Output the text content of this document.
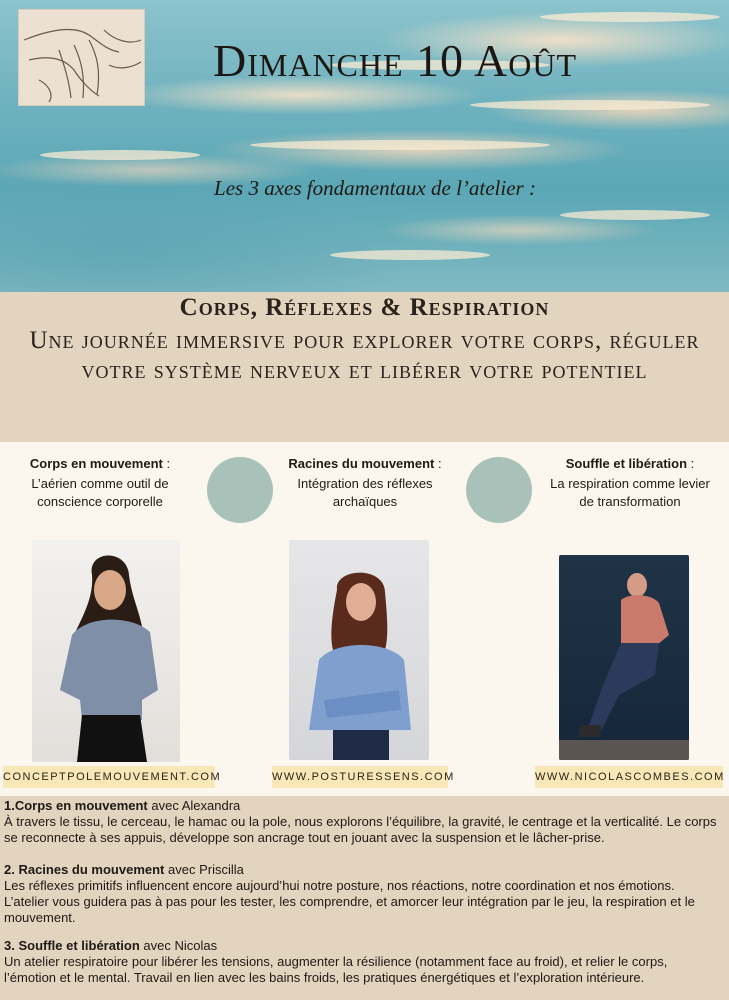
Dimanche 10 Août
Les 3 axes fondamentaux de l’atelier :
Corps, Réflexes & Respiration
Une journée immersive pour explorer votre corps, réguler votre système nerveux et libérer votre potentiel
Corps en mouvement :
L’aérien comme outil de conscience corporelle
Racines du mouvement :
Intégration des réflexes archaïques
Souffle et libération :
La respiration comme levier de transformation
CONCEPTPOLEMOUVEMENT.COM	WWW.POSTURESSENS.COM	WWW.NICOLASCOMBES.COM
1.Corps en mouvement avec Alexandra
À travers le tissu, le cerceau, le hamac ou la pole, nous explorons l’équilibre, la gravité, le centrage et la verticalité. Le corps se reconnecte à ses appuis, développe son ancrage tout en jouant avec la suspension et le lâcher-prise.
2. Racines du mouvement avec Priscilla
Les réflexes primitifs influencent encore aujourd’hui notre posture, nos réactions, notre coordination et nos émotions. L’atelier vous guidera pas à pas pour les tester, les comprendre, et amorcer leur intégration par le jeu, la respiration et le mouvement.
3. Souffle et libération avec Nicolas
Un atelier respiratoire pour libérer les tensions, augmenter la résilience (notamment face au froid), et relier le corps, l’émotion et le mental. Travail en lien avec les bains froids, les pratiques énergétiques et l’exploration intérieure.
